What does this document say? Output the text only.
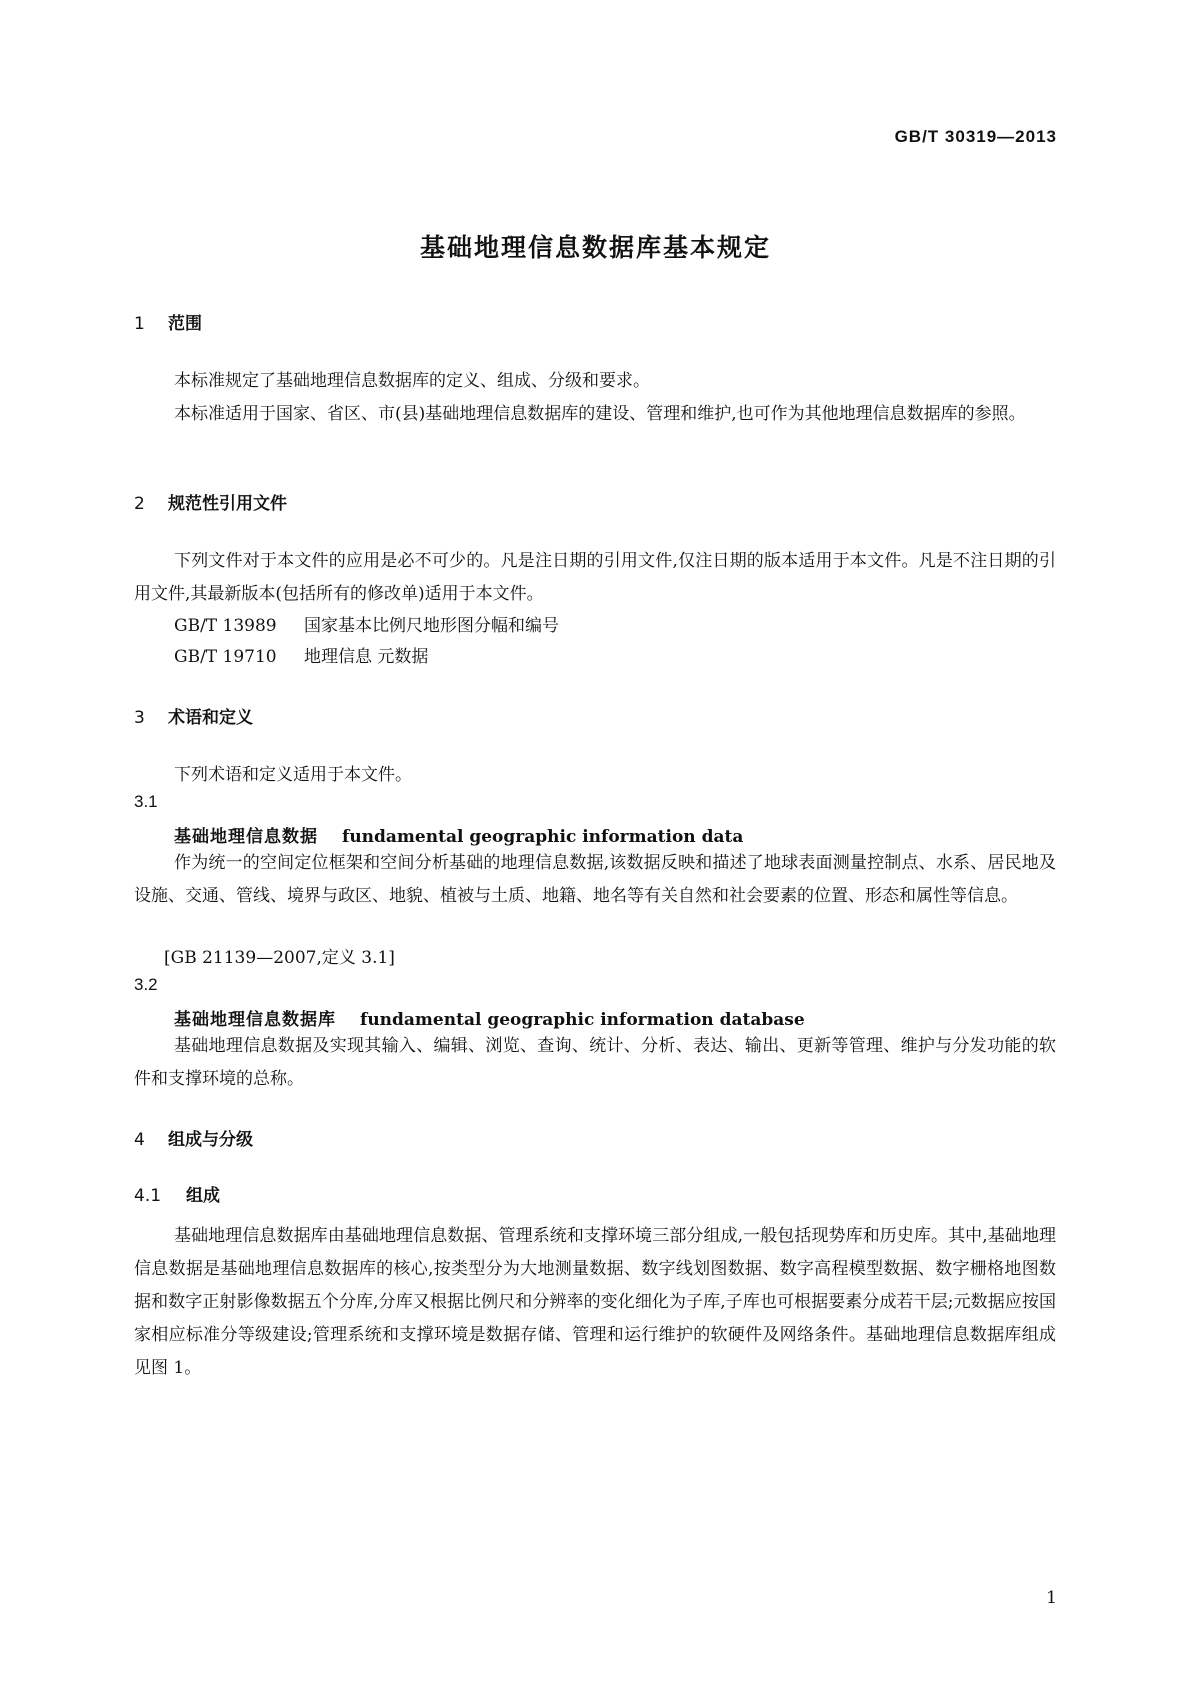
GB/T 30319—2013
基础地理信息数据库基本规定
1 范围

本标准规定了基础地理信息数据库的定义、组成、分级和要求。

本标准适用于国家、省区、市(县)基础地理信息数据库的建设、管理和维护,也可作为其他地理信息数据库的参照。

2 规范性引用文件

下列文件对于本文件的应用是必不可少的。凡是注日期的引用文件,仅注日期的版本适用于本文件。凡是不注日期的引用文件,其最新版本(包括所有的修改单)适用于本文件。

GB/T 13989 国家基本比例尺地形图分幅和编号
GB/T 19710 地理信息 元数据
3 术语和定义
下列术语和定义适用于本文件。
3.1
基础地理信息数据 fundamental geographic information data

作为统一的空间定位框架和空间分析基础的地理信息数据,该数据反映和描述了地球表面测量控制点、水系、居民地及设施、交通、管线、境界与政区、地貌、植被与土质、地籍、地名等有关自然和社会要素的位置、形态和属性等信息。

[GB 21139—2007,定义 3.1]
3.2
基础地理信息数据库 fundamental geographic information database

基础地理信息数据及实现其输入、编辑、浏览、查询、统计、分析、表达、输出、更新等管理、维护与分发功能的软件和支撑环境的总称。

4 组成与分级
4.1 组成

基础地理信息数据库由基础地理信息数据、管理系统和支撑环境三部分组成,一般包括现势库和历史库。其中,基础地理信息数据是基础地理信息数据库的核心,按类型分为大地测量数据、数字线划图数据、数字高程模型数据、数字栅格地图数据和数字正射影像数据五个分库,分库又根据比例尺和分辨率的变化细化为子库,子库也可根据要素分成若干层;元数据应按国家相应标准分等级建设;管理系统和支撑环境是数据存储、管理和运行维护的软硬件及网络条件。基础地理信息数据库组成见图 1。

1
